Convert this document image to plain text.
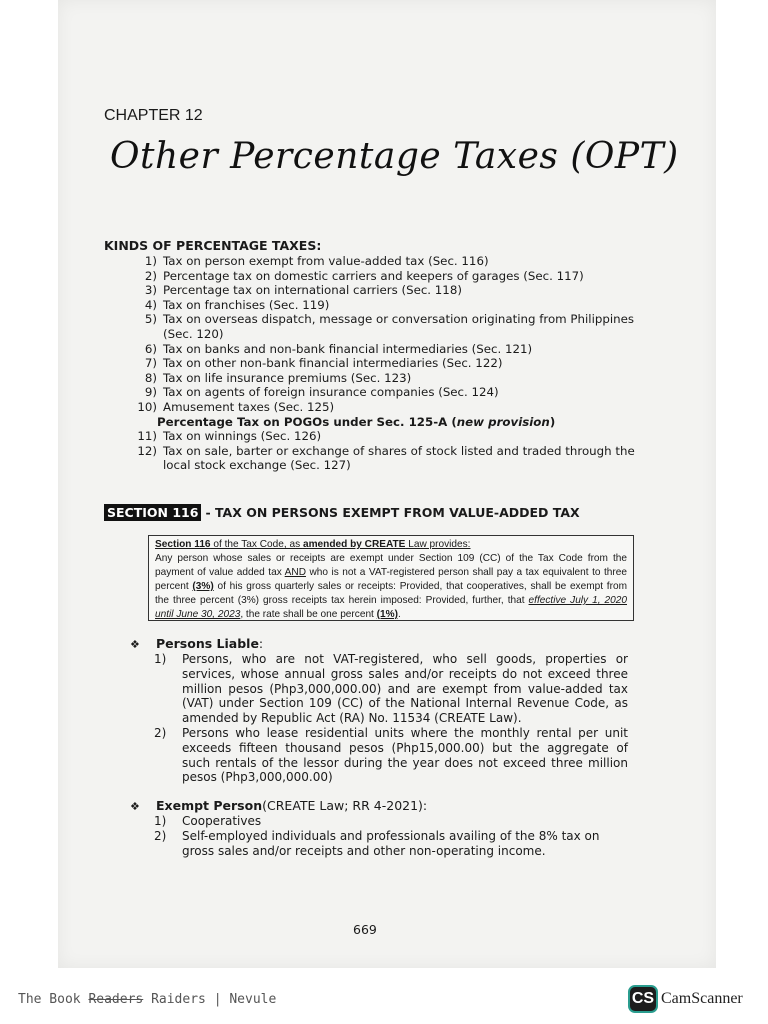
CHAPTER 12
Other Percentage Taxes (OPT)
KINDS OF PERCENTAGE TAXES:
1) Tax on person exempt from value-added tax (Sec. 116)
2) Percentage tax on domestic carriers and keepers of garages (Sec. 117)
3) Percentage tax on international carriers (Sec. 118)
4) Tax on franchises (Sec. 119)
5) Tax on overseas dispatch, message or conversation originating from Philippines (Sec. 120)
6) Tax on banks and non-bank financial intermediaries (Sec. 121)
7) Tax on other non-bank financial intermediaries (Sec. 122)
8) Tax on life insurance premiums (Sec. 123)
9) Tax on agents of foreign insurance companies (Sec. 124)
10) Amusement taxes (Sec. 125)
Percentage Tax on POGOs under Sec. 125-A (new provision)
11) Tax on winnings (Sec. 126)
12) Tax on sale, barter or exchange of shares of stock listed and traded through the local stock exchange (Sec. 127)
SECTION 116 - TAX ON PERSONS EXEMPT FROM VALUE-ADDED TAX
Section 116 of the Tax Code, as amended by CREATE Law provides:
Any person whose sales or receipts are exempt under Section 109 (CC) of the Tax Code from the payment of value added tax AND who is not a VAT-registered person shall pay a tax equivalent to three percent (3%) of his gross quarterly sales or receipts: Provided, that cooperatives, shall be exempt from the three percent (3%) gross receipts tax herein imposed: Provided, further, that effective July 1, 2020 until June 30, 2023, the rate shall be one percent (1%).
❖	Persons Liable :
1)	Persons, who are not VAT-registered, who sell goods, properties or services, whose annual gross sales and/or receipts do not exceed three million pesos (Php3,000,000.00) and are exempt from value-added tax (VAT) under Section 109 (CC) of the National Internal Revenue Code, as amended by Republic Act (RA) No. 11534 (CREATE Law).
2)	Persons who lease residential units where the monthly rental per unit exceeds fifteen thousand pesos (Php15,000.00) but the aggregate of such rentals of the lessor during the year does not exceed three million pesos (Php3,000,000.00)
❖	Exempt Person (CREATE Law; RR 4-2021):
1)	Cooperatives
2)	Self-employed individuals and professionals availing of the 8% tax on gross sales and/or receipts and other non-operating income.
669
The Book Readers Raiders | Nevule	CS CamScanner
